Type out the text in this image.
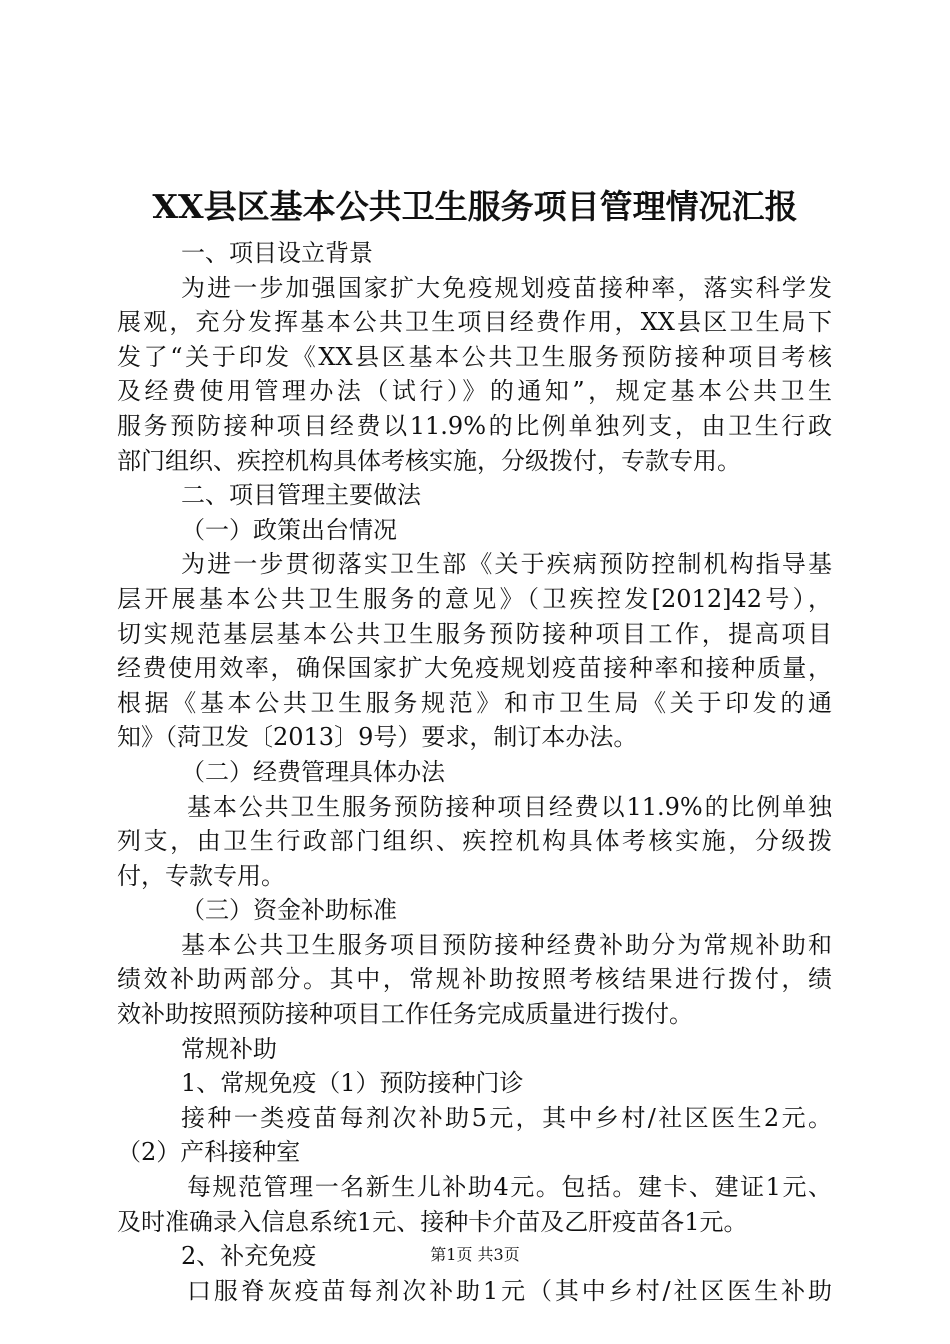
XX县区基本公共卫生服务项目管理情况汇报
一、项目设立背景
为进一步加强国家扩大免疫规划疫苗接种率，落实科学发
展观，充分发挥基本公共卫生项目经费作用，XX县区卫生局下
发了“关于印发《XX县区基本公共卫生服务预防接种项目考核
及经费使用管理办法（试行）》的通知”，规定基本公共卫生
服务预防接种项目经费以11.9%的比例单独列支，由卫生行政
部门组织、疾控机构具体考核实施，分级拨付，专款专用。
二、项目管理主要做法
（一）政策出台情况
为进一步贯彻落实卫生部《关于疾病预防控制机构指导基
层开展基本公共卫生服务的意见》（卫疾控发[2012]42号），
切实规范基层基本公共卫生服务预防接种项目工作，提高项目
经费使用效率，确保国家扩大免疫规划疫苗接种率和接种质量，
根据《基本公共卫生服务规范》和市卫生局《关于印发的通
知》（菏卫发〔2013〕9号）要求，制订本办法。
（二）经费管理具体办法
基本公共卫生服务预防接种项目经费以11.9%的比例单独
列支，由卫生行政部门组织、疾控机构具体考核实施，分级拨
付，专款专用。
（三）资金补助标准
基本公共卫生服务项目预防接种经费补助分为常规补助和
绩效补助两部分。其中，常规补助按照考核结果进行拨付，绩
效补助按照预防接种项目工作任务完成质量进行拨付。
常规补助
1、常规免疫（1）预防接种门诊
接种一类疫苗每剂次补助5元，其中乡村/社区医生2元。
（2）产科接种室
每规范管理一名新生儿补助4元。包括。建卡、建证1元、
及时准确录入信息系统1元、接种卡介苗及乙肝疫苗各1元。
2、补充免疫
口服脊灰疫苗每剂次补助1元（其中乡村/社区医生补助
第1页 共3页
